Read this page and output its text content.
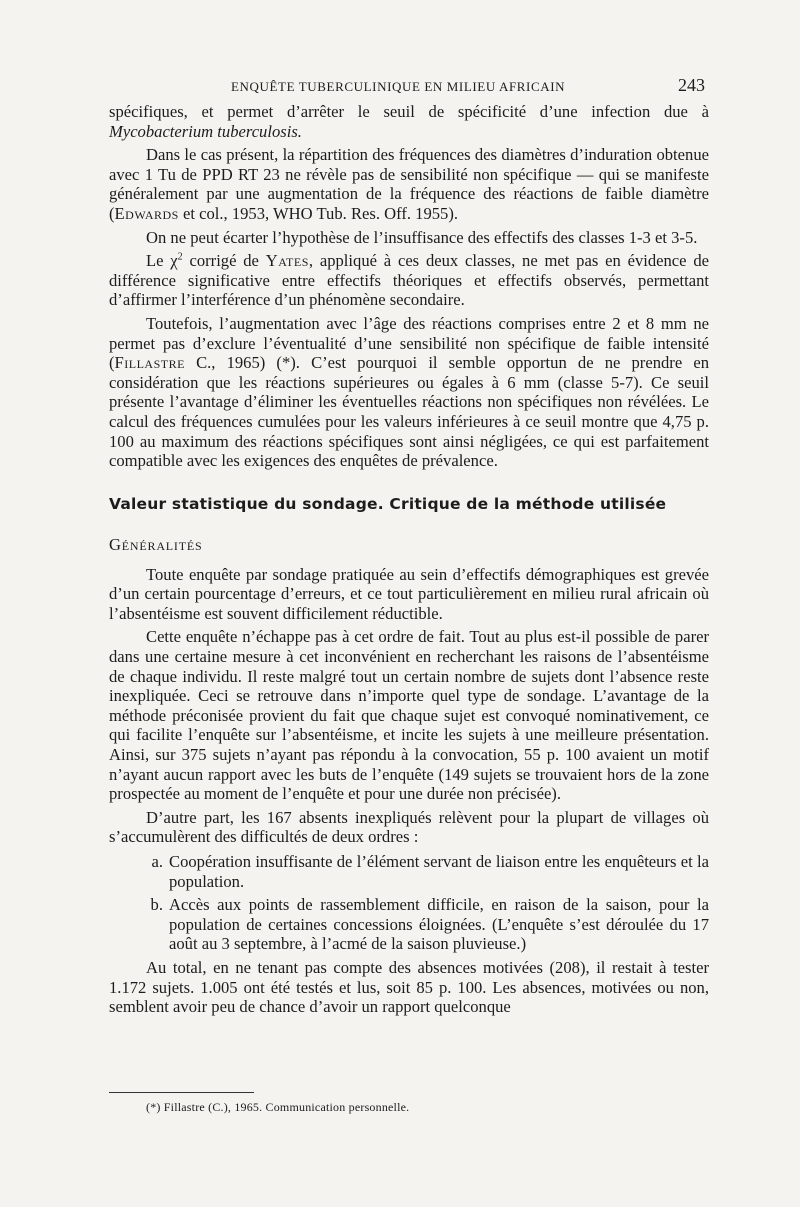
ENQUÊTE TUBERCULINIQUE EN MILIEU AFRICAIN	243

spécifiques, et permet d’arrêter le seuil de spécificité d’une infection due à Mycobacterium tuberculosis.

Dans le cas présent, la répartition des fréquences des diamètres d’induration obtenue avec 1 Tu de PPD RT 23 ne révèle pas de sensibilité non spécifique — qui se manifeste généralement par une augmentation de la fréquence des réactions de faible diamètre (Edwards et col., 1953, WHO Tub. Res. Off. 1955).

On ne peut écarter l’hypothèse de l’insuffisance des effectifs des classes 1-3 et 3-5.

Le $\chi^2$ corrigé de Yates, appliqué à ces deux classes, ne met pas en évidence de différence significative entre effectifs théoriques et effectifs observés, permettant d’affirmer l’interférence d’un phénomène secondaire.

Toutefois, l’augmentation avec l’âge des réactions comprises entre 2 et 8 mm ne permet pas d’exclure l’éventualité d’une sensibilité non spécifique de faible intensité (Fillastre C., 1965) (*). C’est pourquoi il semble opportun de ne prendre en considération que les réactions supérieures ou égales à 6 mm (classe 5-7). Ce seuil présente l’avantage d’éliminer les éventuelles réactions non spécifiques non révélées. Le calcul des fréquences cumulées pour les valeurs inférieures à ce seuil montre que 4,75 p. 100 au maximum des réactions spécifiques sont ainsi négligées, ce qui est parfaitement compatible avec les exigences des enquêtes de prévalence.

Valeur statistique du sondage. Critique de la méthode utilisée
Généralités

Toute enquête par sondage pratiquée au sein d’effectifs démographiques est grevée d’un certain pourcentage d’erreurs, et ce tout particulièrement en milieu rural africain où l’absentéisme est souvent difficilement réductible.

Cette enquête n’échappe pas à cet ordre de fait. Tout au plus est-il possible de parer dans une certaine mesure à cet inconvénient en recherchant les raisons de l’absentéisme de chaque individu. Il reste malgré tout un certain nombre de sujets dont l’absence reste inexpliquée. Ceci se retrouve dans n’importe quel type de sondage. L’avantage de la méthode préconisée provient du fait que chaque sujet est convoqué nominativement, ce qui facilite l’enquête sur l’absentéisme, et incite les sujets à une meilleure présentation. Ainsi, sur 375 sujets n’ayant pas répondu à la convocation, 55 p. 100 avaient un motif n’ayant aucun rapport avec les buts de l’enquête (149 sujets se trouvaient hors de la zone prospectée au moment de l’enquête et pour une durée non précisée).

D’autre part, les 167 absents inexpliqués relèvent pour la plupart de villages où s’accumulèrent des difficultés de deux ordres :

a. Coopération insuffisante de l’élément servant de liaison entre les enquêteurs et la population.
b. Accès aux points de rassemblement difficile, en raison de la saison, pour la population de certaines concessions éloignées. (L’enquête s’est déroulée du 17 août au 3 septembre, à l’acmé de la saison pluvieuse.)

Au total, en ne tenant pas compte des absences motivées (208), il restait à tester 1.172 sujets. 1.005 ont été testés et lus, soit 85 p. 100. Les absences, motivées ou non, semblent avoir peu de chance d’avoir un rapport quelconque

(*) Fillastre (C.), 1965. Communication personnelle.
